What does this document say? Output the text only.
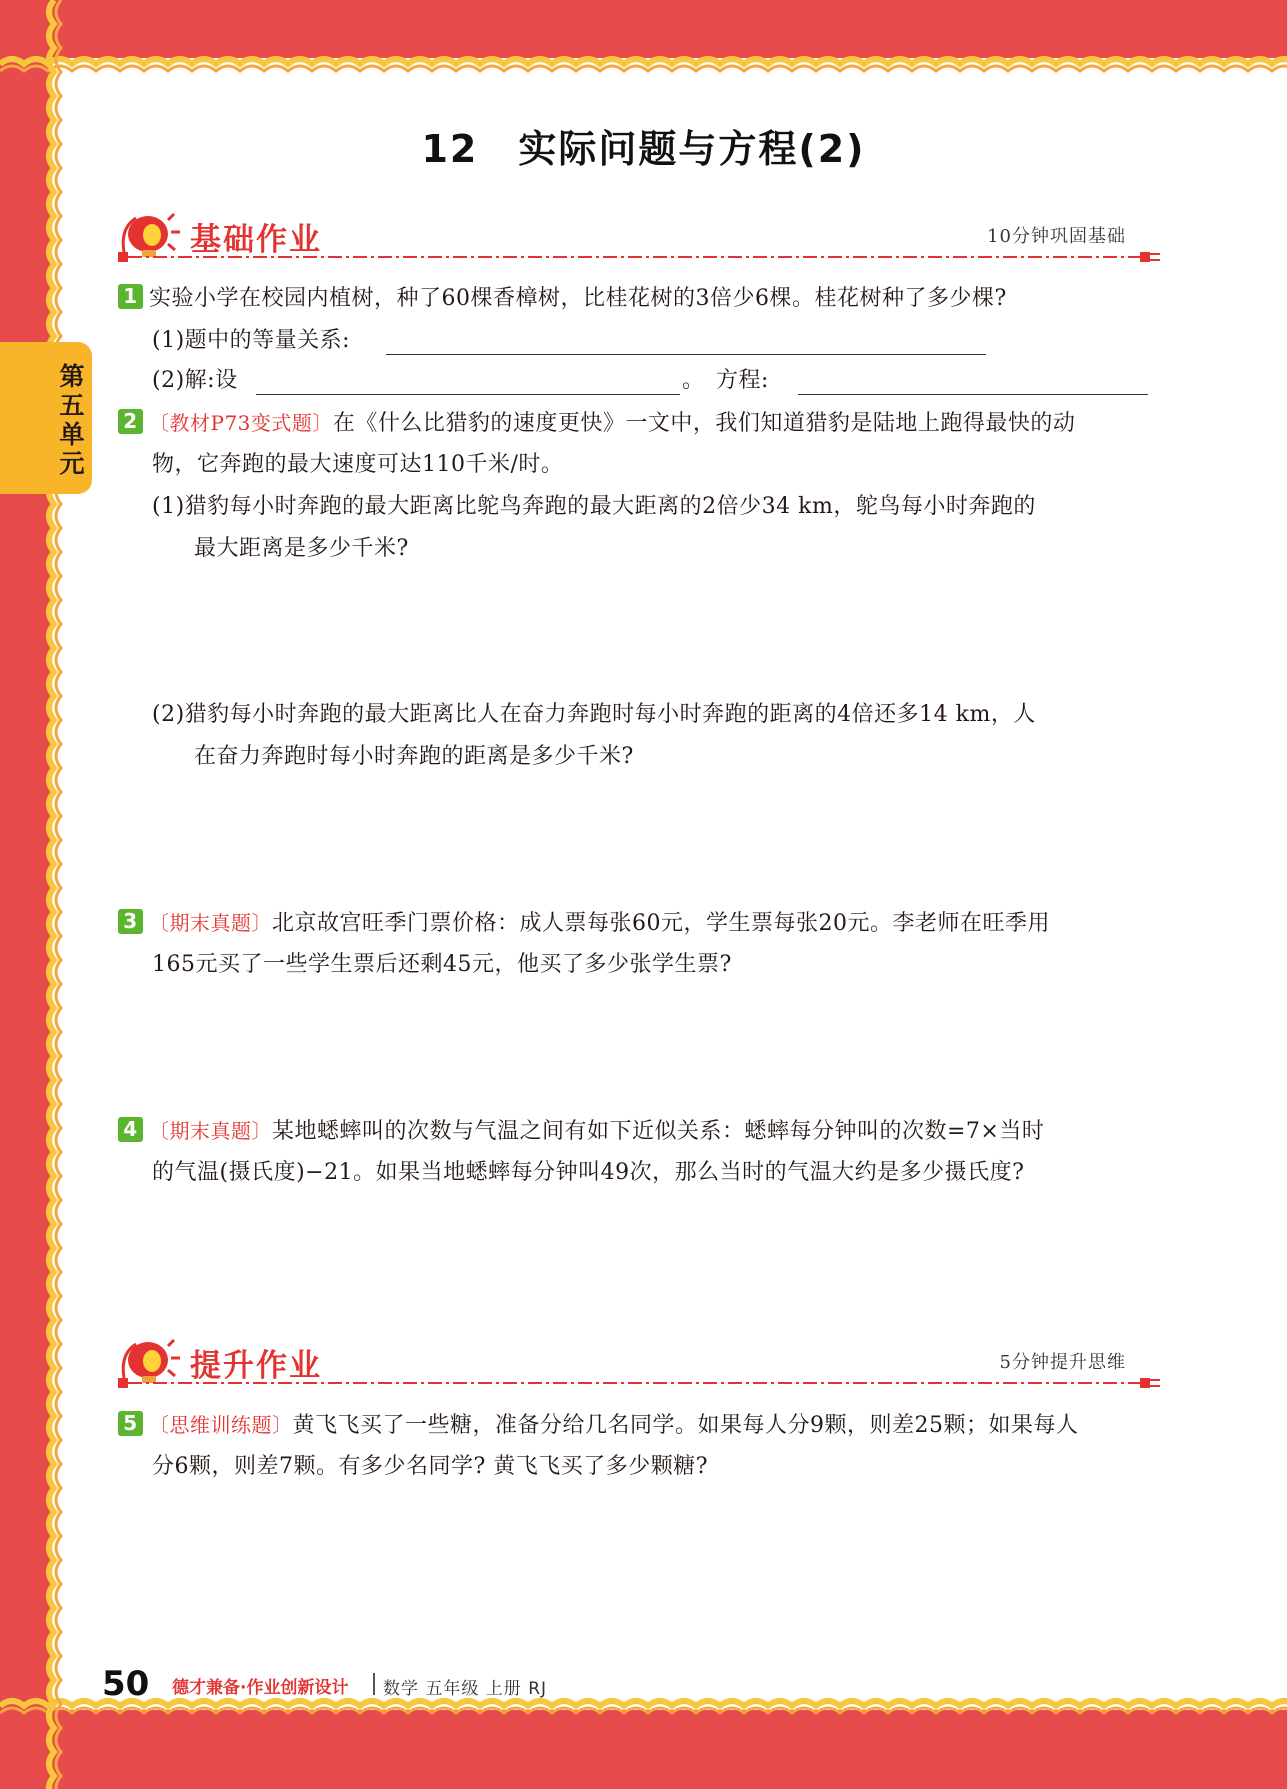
12　实际问题与方程(2)
第五单元
基础作业	10分钟巩固基础
1 实验小学在校园内植树，种了60棵香樟树，比桂花树的3倍少6棵。桂花树种了多少棵?
(1)题中的等量关系:
(2)解:设	。　方程:
2 〔教材P73变式题〕在《什么比猎豹的速度更快》一文中，我们知道猎豹是陆地上跑得最快的动
物，它奔跑的最大速度可达110千米/时。
(1)猎豹每小时奔跑的最大距离比鸵鸟奔跑的最大距离的2倍少34 km，鸵鸟每小时奔跑的
最大距离是多少千米?
(2)猎豹每小时奔跑的最大距离比人在奋力奔跑时每小时奔跑的距离的4倍还多14 km，人
在奋力奔跑时每小时奔跑的距离是多少千米?
3 〔期末真题〕北京故宫旺季门票价格：成人票每张60元，学生票每张20元。李老师在旺季用
165元买了一些学生票后还剩45元，他买了多少张学生票?
4 〔期末真题〕某地蟋蟀叫的次数与气温之间有如下近似关系：蟋蟀每分钟叫的次数=7×当时
的气温(摄氏度)−21。如果当地蟋蟀每分钟叫49次，那么当时的气温大约是多少摄氏度?
提升作业	5分钟提升思维
5 〔思维训练题〕黄飞飞买了一些糖，准备分给几名同学。如果每人分9颗，则差25颗；如果每人
分6颗，则差7颗。有多少名同学? 黄飞飞买了多少颗糖?
50 德才兼备·作业创新设计 数学 五年级 上册 RJ
